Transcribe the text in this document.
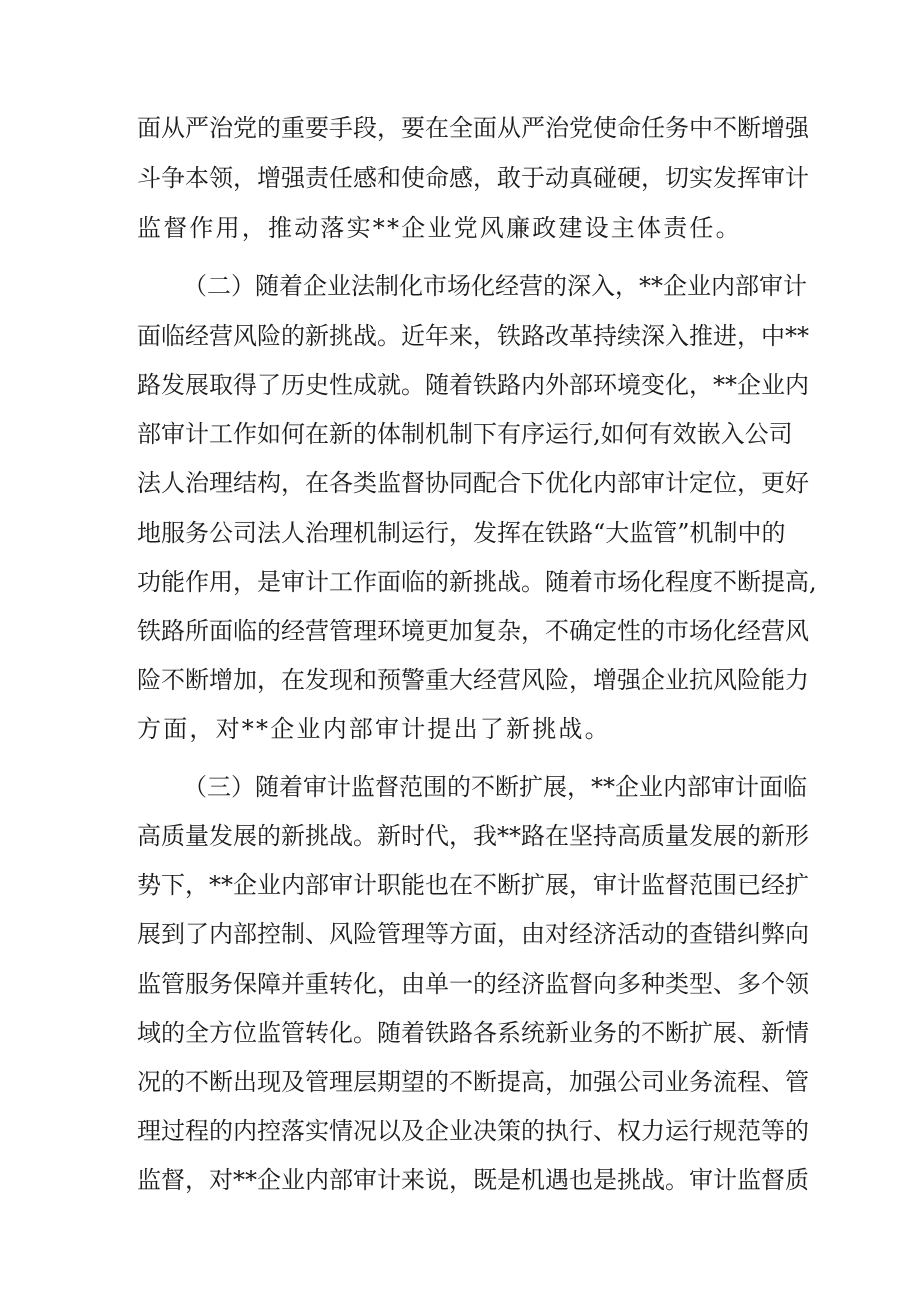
面从严治党的重要手段，要在全面从严治党使命任务中不断增强
斗争本领，增强责任感和使命感，敢于动真碰硬，切实发挥审计
监督作用，推动落实**企业党风廉政建设主体责任。
（二）随着企业法制化市场化经营的深入，**企业内部审计
面临经营风险的新挑战。近年来，铁路改革持续深入推进，中**
路发展取得了历史性成就。随着铁路内外部环境变化，**企业内
部审计工作如何在新的体制机制下有序运行,如何有效嵌入公司
法人治理结构，在各类监督协同配合下优化内部审计定位，更好
地服务公司法人治理机制运行，发挥在铁路“大监管”机制中的
功能作用，是审计工作面临的新挑战。随着市场化程度不断提高,
铁路所面临的经营管理环境更加复杂，不确定性的市场化经营风
险不断增加，在发现和预警重大经营风险，增强企业抗风险能力
方面，对**企业内部审计提出了新挑战。
（三）随着审计监督范围的不断扩展，**企业内部审计面临
高质量发展的新挑战。新时代，我**路在坚持高质量发展的新形
势下，**企业内部审计职能也在不断扩展，审计监督范围已经扩
展到了内部控制、风险管理等方面，由对经济活动的查错纠弊向
监管服务保障并重转化，由单一的经济监督向多种类型、多个领
域的全方位监管转化。随着铁路各系统新业务的不断扩展、新情
况的不断出现及管理层期望的不断提高，加强公司业务流程、管
理过程的内控落实情况以及企业决策的执行、权力运行规范等的
监督，对**企业内部审计来说，既是机遇也是挑战。审计监督质
